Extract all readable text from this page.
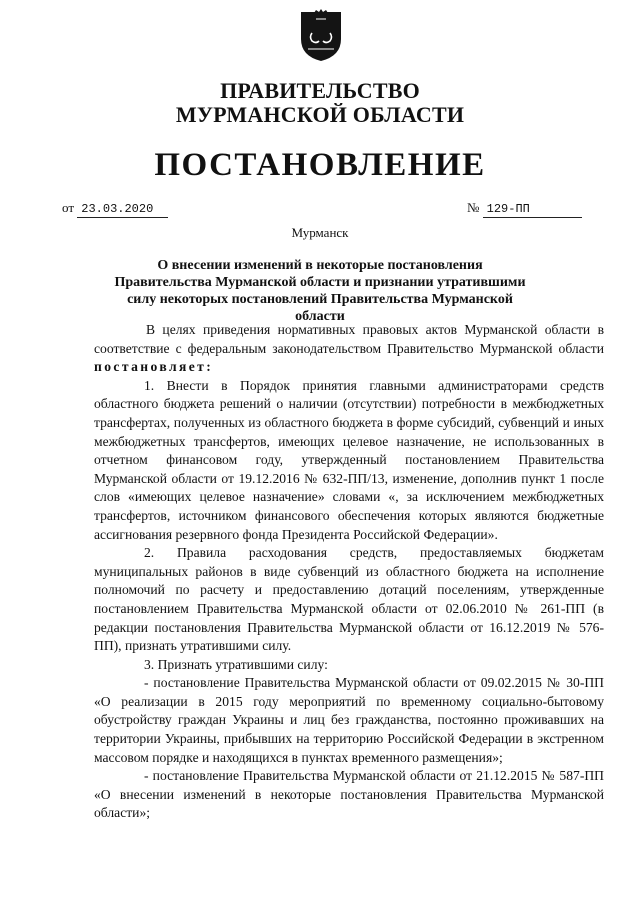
ПРАВИТЕЛЬСТВО
МУРМАНСКОЙ ОБЛАСТИ
ПОСТАНОВЛЕНИЕ
от 23.03.2020	№ 129-ПП
Мурманск
О внесении изменений в некоторые постановления Правительства Мурманской области и признании утратившими силу некоторых постановлений Правительства Мурманской области

В целях приведения нормативных правовых актов Мурманской области в соответствие с федеральным законодательством Правительство Мурманской области постановляет:

1. Внести в Порядок принятия главными администраторами средств областного бюджета решений о наличии (отсутствии) потребности в межбюджетных трансфертах, полученных из областного бюджета в форме субсидий, субвенций и иных межбюджетных трансфертов, имеющих целевое назначение, не использованных в отчетном финансовом году, утвержденный постановлением Правительства Мурманской области от 19.12.2016 № 632-ПП/13, изменение, дополнив пункт 1 после слов «имеющих целевое назначение» словами «, за исключением межбюджетных трансфертов, источником финансового обеспечения которых являются бюджетные ассигнования резервного фонда Президента Российской Федерации».

2. Правила расходования средств, предоставляемых бюджетам муниципальных районов в виде субвенций из областного бюджета на исполнение полномочий по расчету и предоставлению дотаций поселениям, утвержденные постановлением Правительства Мурманской области от 02.06.2010 № 261-ПП (в редакции постановления Правительства Мурманской области от 16.12.2019 № 576-ПП), признать утратившими силу.

3. Признать утратившими силу:

- постановление Правительства Мурманской области от 09.02.2015 № 30-ПП «О реализации в 2015 году мероприятий по временному социально-бытовому обустройству граждан Украины и лиц без гражданства, постоянно проживавших на территории Украины, прибывших на территорию Российской Федерации в экстренном массовом порядке и находящихся в пунктах временного размещения»;

- постановление Правительства Мурманской области от 21.12.2015 № 587-ПП «О внесении изменений в некоторые постановления Правительства Мурманской области»;
